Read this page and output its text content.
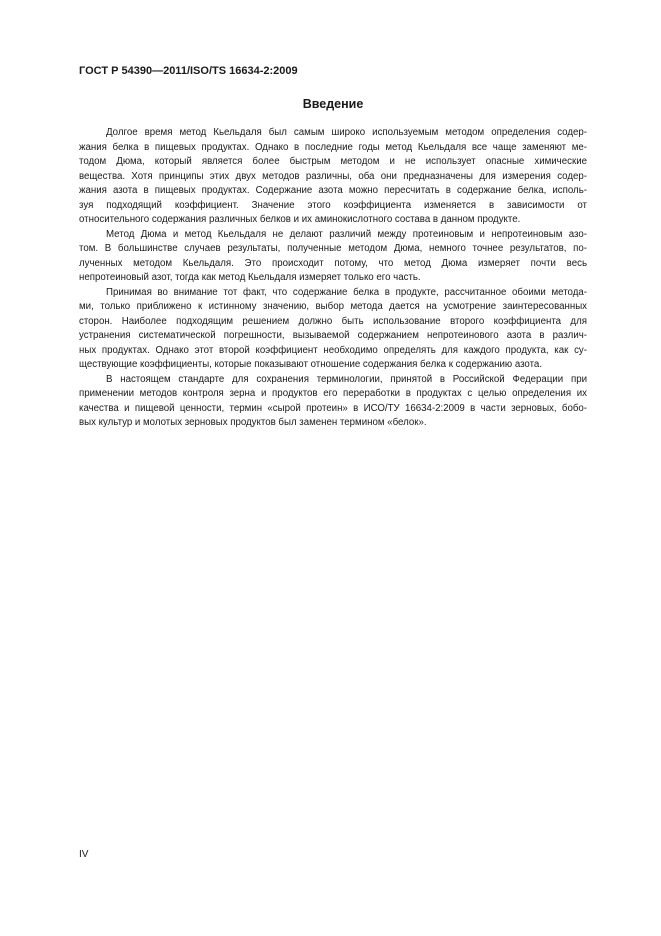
ГОСТ Р 54390—2011/ISO/TS 16634-2:2009
Введение
Долгое время метод Кьельдаля был самым широко используемым методом определения содер-
жания белка в пищевых продуктах. Однако в последние годы метод Кьельдаля все чаще заменяют ме-
тодом Дюма, который является более быстрым методом и не использует опасные химические
вещества. Хотя принципы этих двух методов различны, оба они предназначены для измерения содер-
жания азота в пищевых продуктах. Содержание азота можно пересчитать в содержание белка, исполь-
зуя подходящий коэффициент. Значение этого коэффициента изменяется в зависимости от
относительного содержания различных белков и их аминокислотного состава в данном продукте.
Метод Дюма и метод Кьельдаля не делают различий между протеиновым и непротеиновым азо-
том. В большинстве случаев результаты, полученные методом Дюма, немного точнее результатов, по-
лученных методом Кьельдаля. Это происходит потому, что метод Дюма измеряет почти весь
непротеиновый азот, тогда как метод Кьельдаля измеряет только его часть.
Принимая во внимание тот факт, что содержание белка в продукте, рассчитанное обоими метода-
ми, только приближено к истинному значению, выбор метода дается на усмотрение заинтересованных
сторон. Наиболее подходящим решением должно быть использование второго коэффициента для
устранения систематической погрешности, вызываемой содержанием непротеинового азота в различ-
ных продуктах. Однако этот второй коэффициент необходимо определять для каждого продукта, как су-
ществующие коэффициенты, которые показывают отношение содержания белка к содержанию азота.
В настоящем стандарте для сохранения терминологии, принятой в Российской Федерации при
применении методов контроля зерна и продуктов его переработки в продуктах с целью определения их
качества и пищевой ценности, термин «сырой протеин» в ИСО/ТУ 16634-2:2009 в части зерновых, бобо-
вых культур и молотых зерновых продуктов был заменен термином «белок».
IV
